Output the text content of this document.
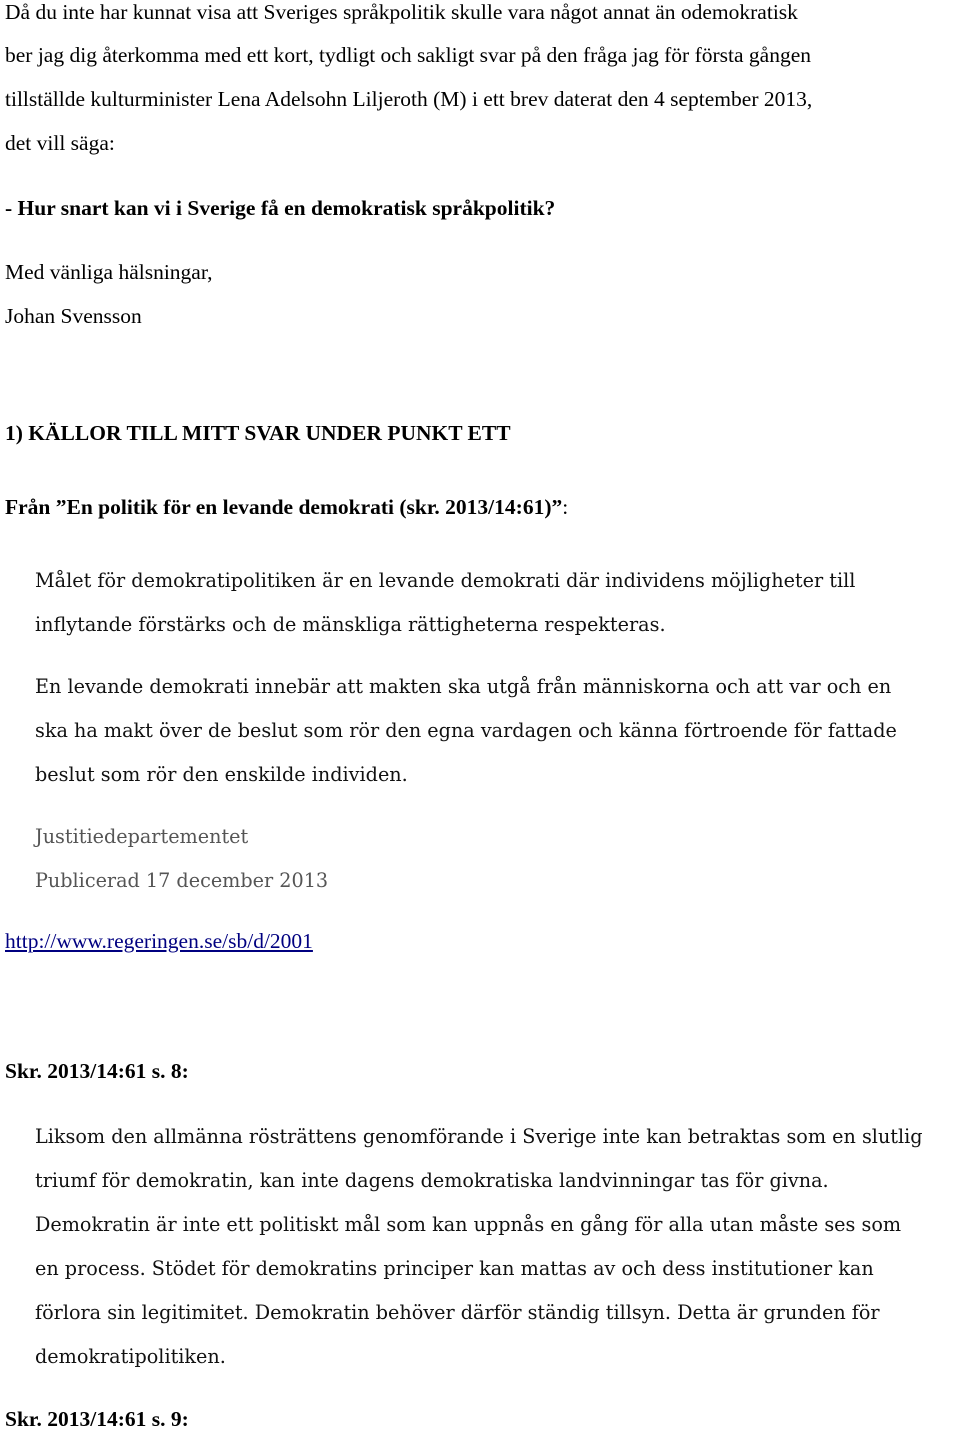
Då du inte har kunnat visa att Sveriges språkpolitik skulle vara något annat än odemokratisk
ber jag dig återkomma med ett kort, tydligt och sakligt svar på den fråga jag för första gången
tillställde kulturminister Lena Adelsohn Liljeroth (M) i ett brev daterat den 4 september 2013,
det vill säga:
- Hur snart kan vi i Sverige få en demokratisk språkpolitik?
Med vänliga hälsningar,
Johan Svensson
1) KÄLLOR TILL MITT SVAR UNDER PUNKT ETT
Från ”En politik för en levande demokrati (skr. 2013/14:61)”:
Målet för demokratipolitiken är en levande demokrati där individens möjligheter till
inflytande förstärks och de mänskliga rättigheterna respekteras.
En levande demokrati innebär att makten ska utgå från människorna och att var och en
ska ha makt över de beslut som rör den egna vardagen och känna förtroende för fattade
beslut som rör den enskilde individen.
Justitiedepartementet
Publicerad 17 december 2013
http://www.regeringen.se/sb/d/2001
Skr. 2013/14:61 s. 8:
Liksom den allmänna rösträttens genomförande i Sverige inte kan betraktas som en slutlig
triumf för demokratin, kan inte dagens demokratiska landvinningar tas för givna.
Demokratin är inte ett politiskt mål som kan uppnås en gång för alla utan måste ses som
en process. Stödet för demokratins principer kan mattas av och dess institutioner kan
förlora sin legitimitet. Demokratin behöver därför ständig tillsyn. Detta är grunden för
demokratipolitiken.
Skr. 2013/14:61 s. 9:
